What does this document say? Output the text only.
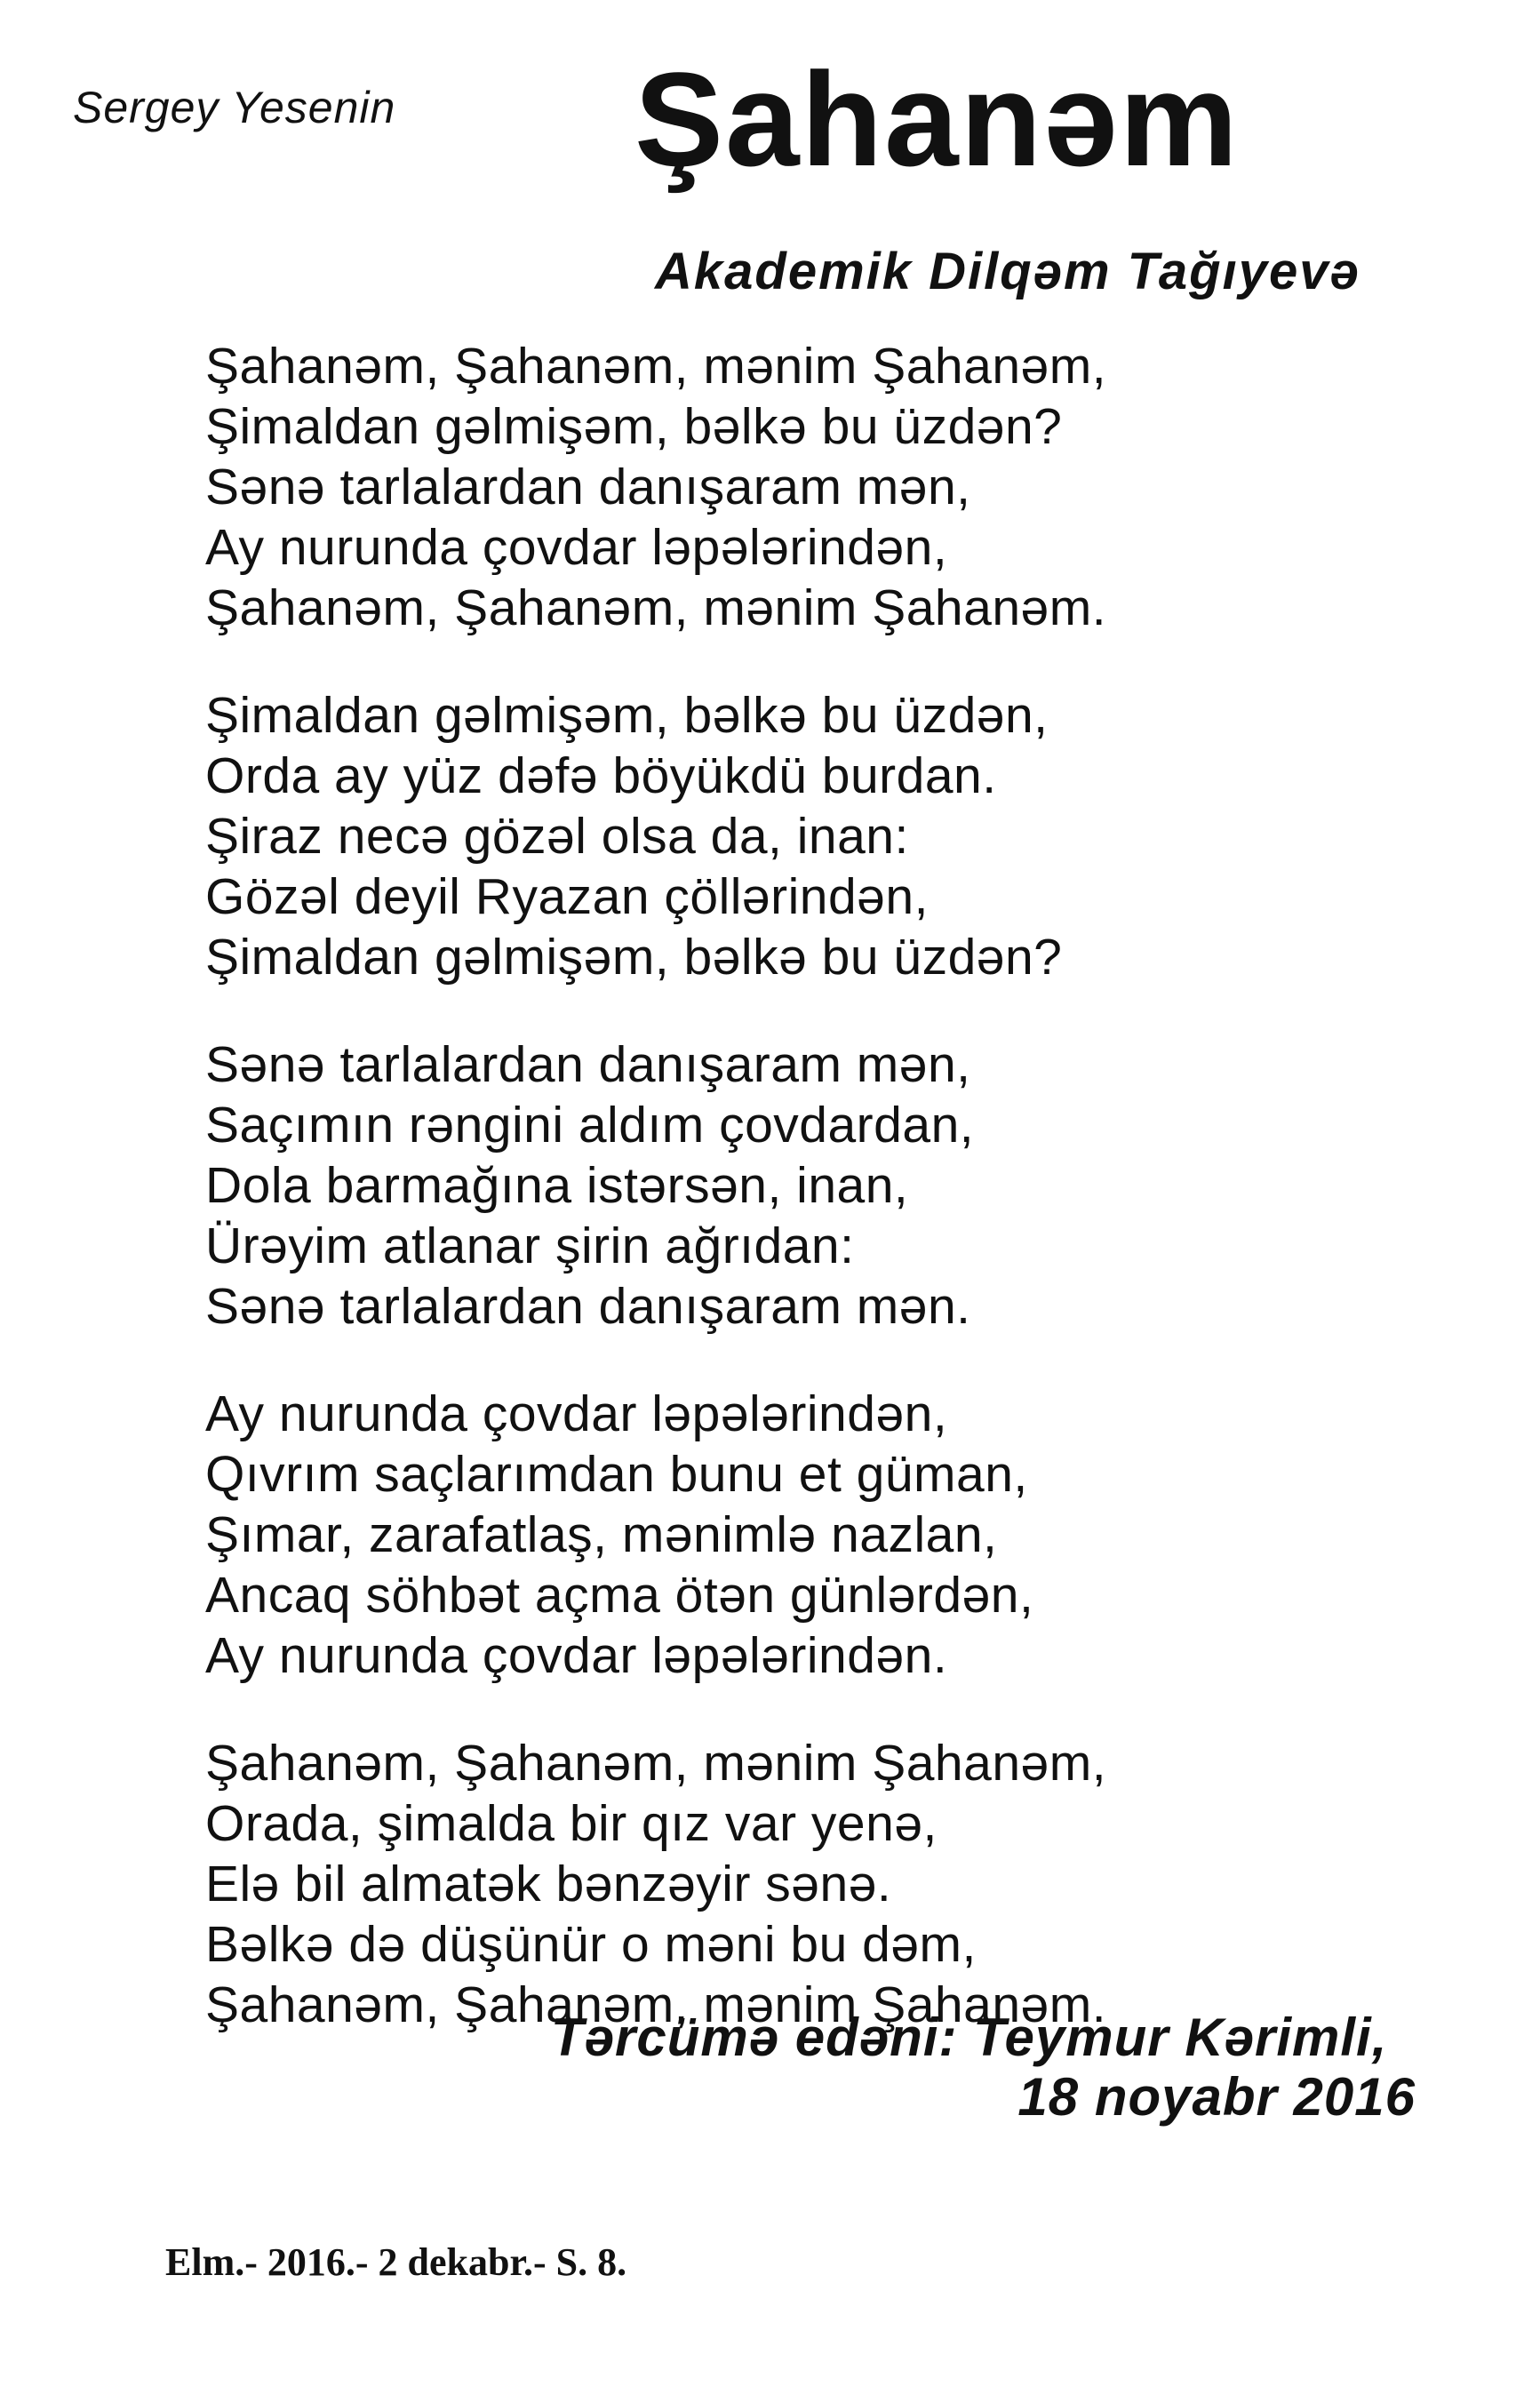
Sergey Yesenin Şahanəm
Akademik Dilqəm Tağıyevə
Şahanəm, Şahanəm, mənim Şahanəm,
Şimaldan gəlmişəm, bəlkə bu üzdən?
Sənə tarlalardan danışaram mən,
Ay nurunda çovdar ləpələrindən,
Şahanəm, Şahanəm, mənim Şahanəm.
Şimaldan gəlmişəm, bəlkə bu üzdən,
Orda ay yüz dəfə böyükdü burdan.
Şiraz necə gözəl olsa da, inan:
Gözəl deyil Ryazan çöllərindən,
Şimaldan gəlmişəm, bəlkə bu üzdən?
Sənə tarlalardan danışaram mən,
Saçımın rəngini aldım çovdardan,
Dola barmağına istərsən, inan,
Ürəyim atlanar şirin ağrıdan:
Sənə tarlalardan danışaram mən.
Ay nurunda çovdar ləpələrindən,
Qıvrım saçlarımdan bunu et güman,
Şımar, zarafatlaş, mənimlə nazlan,
Ancaq söhbət açma ötən günlərdən,
Ay nurunda çovdar ləpələrindən.
Şahanəm, Şahanəm, mənim Şahanəm,
Orada, şimalda bir qız var yenə,
Elə bil almatək bənzəyir sənə.
Bəlkə də düşünür o məni bu dəm,
Şahanəm, Şahanəm, mənim Şahanəm.
Tərcümə edəni: Teymur Kərimli,
18 noyabr 2016
Elm.- 2016.- 2 dekabr.- S. 8.
